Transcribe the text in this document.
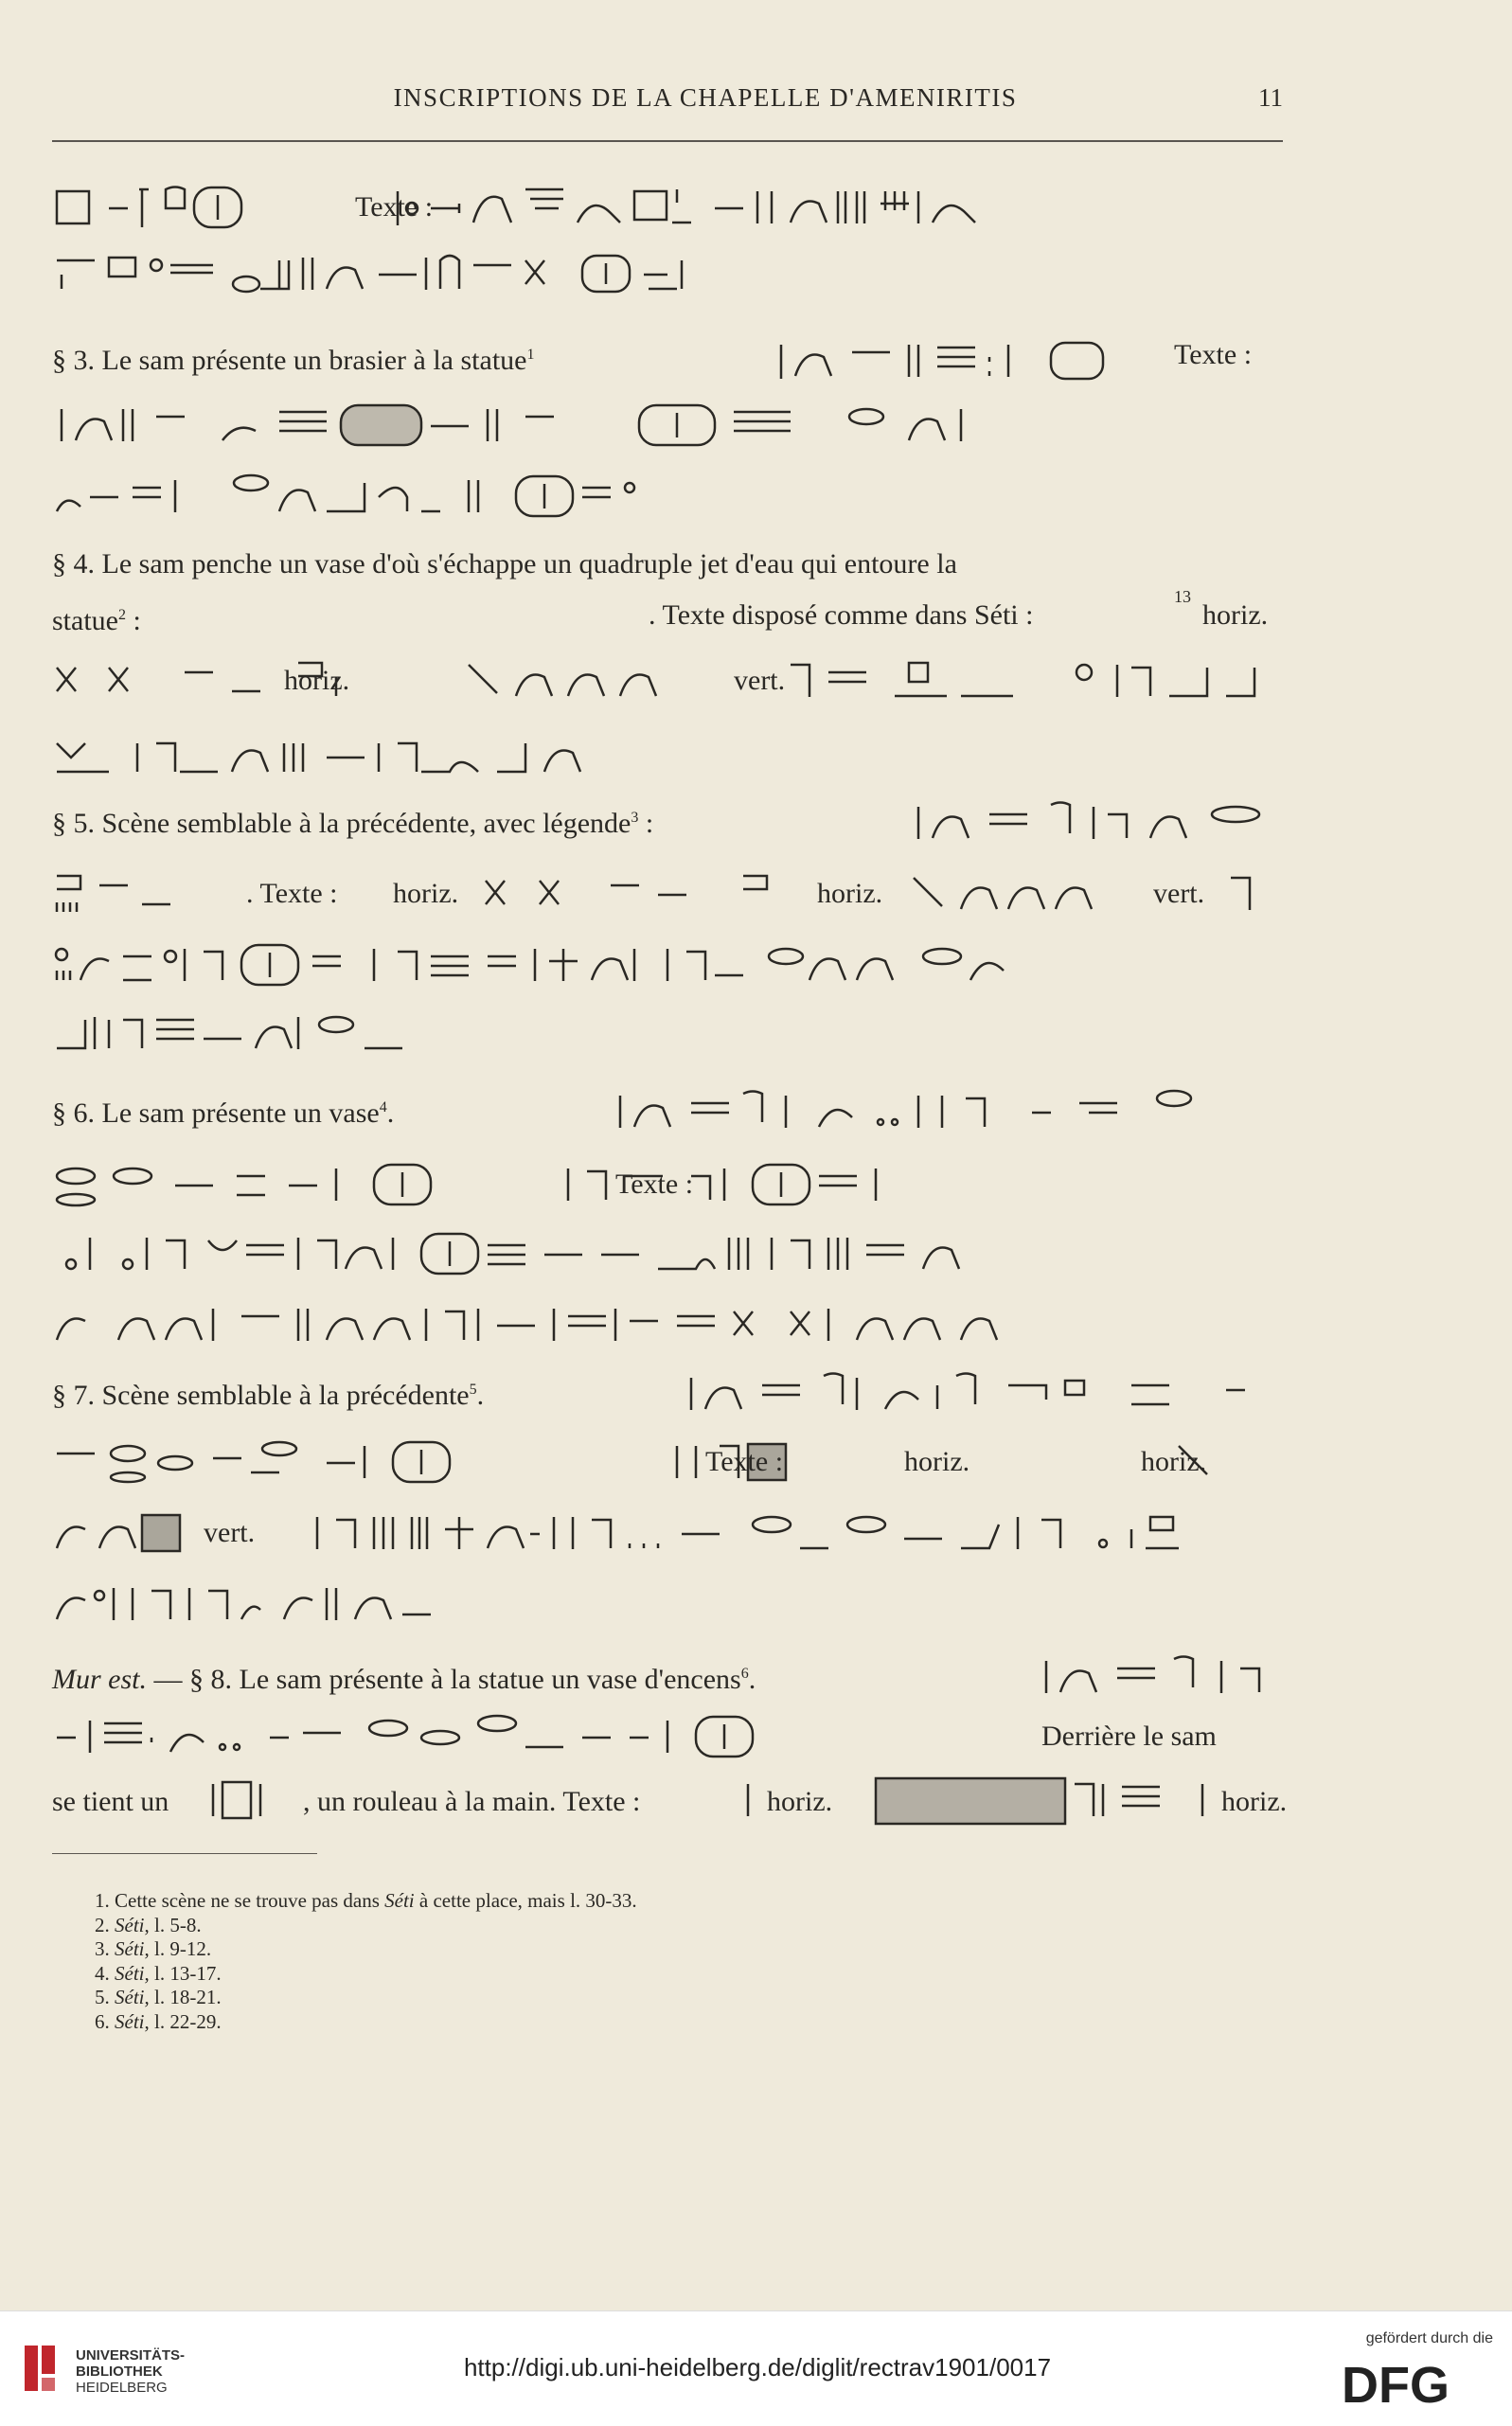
INSCRIPTIONS DE LA CHAPELLE D'AMENIRITIS	11
Texte :
§ 3. Le sam présente un brasier à la statue$^1$	Texte :
§ 4. Le sam penche un vase d'où s'échappe un quadruple jet d'eau qui entoure la
statue$^2$ :	. Texte disposé comme dans Séti :
13
horiz.
horiz.	vert.
§ 5. Scène semblable à la précédente, avec légende$^3$ :
. Texte : horiz.	horiz.	vert.
§ 6. Le sam présente un vase$^4$.
Texte :
§ 7. Scène semblable à la précédente$^5$.
Texte :	horiz.	horiz.
vert.
Mur est. — § 8. Le sam présente à la statue un vase d'encens$^6$.
Derrière le sam
se tient un	, un rouleau à la main. Texte :	horiz.	horiz.
1. Cette scène ne se trouve pas dans Séti à cette place, mais l. 30-33.
2. Séti, l. 5-8.
3. Séti, l. 9-12.
4. Séti, l. 13-17.
5. Séti, l. 18-21.
6. Séti, l. 22-29.
UNIVERSITÄTS-
BIBLIOTHEK
HEIDELBERG
http://digi.ub.uni-heidelberg.de/diglit/rectrav1901/0017
gefördert durch die
DFG
